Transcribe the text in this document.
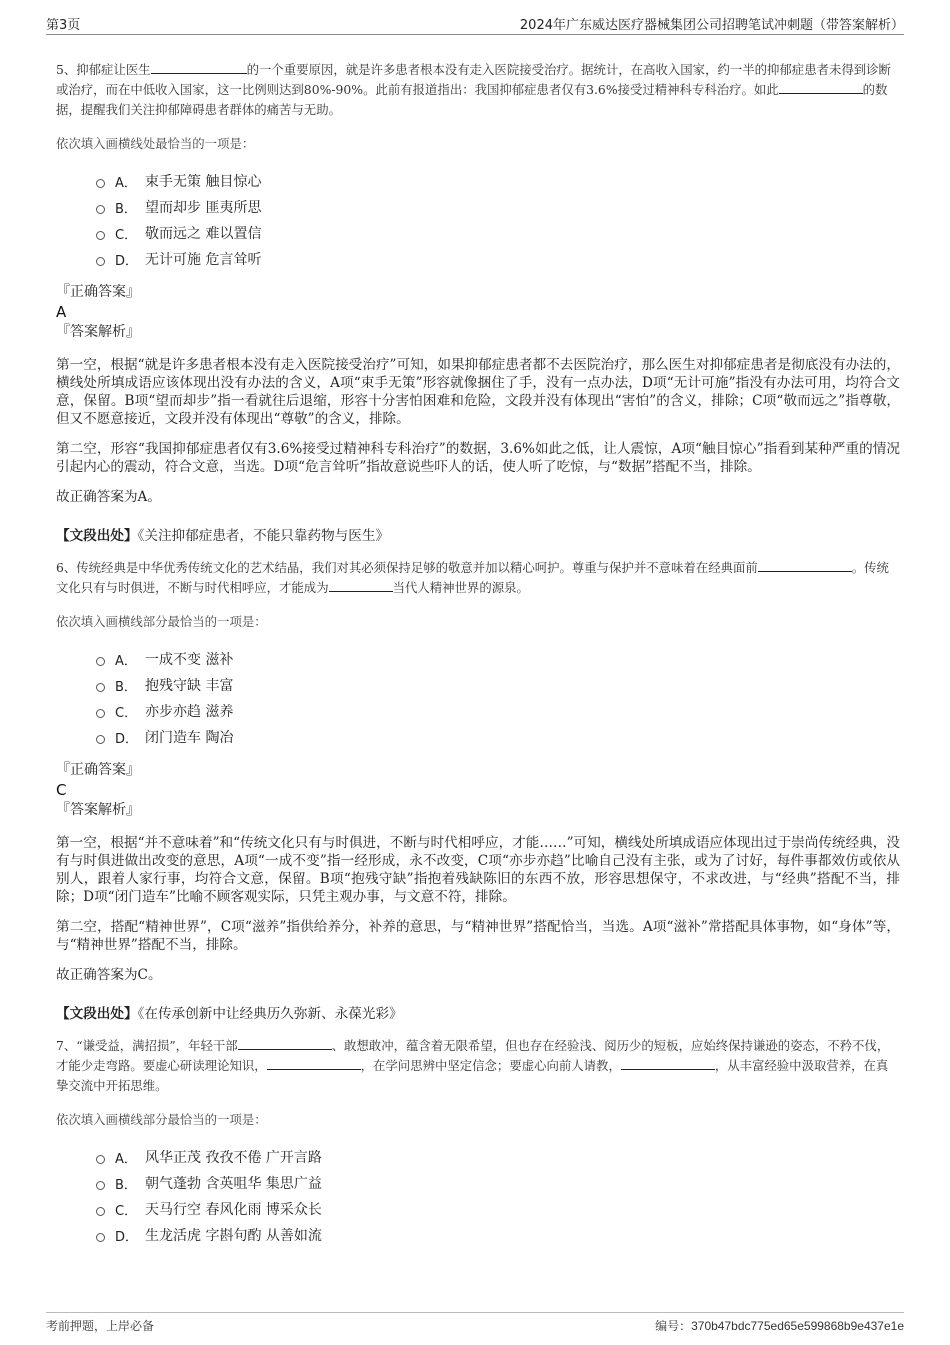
第3页	2024年广东威达医疗器械集团公司招聘笔试冲刺题（带答案解析）

5、抑郁症让医生	的一个重要原因，就是许多患者根本没有走入医院接受治疗。据统计，在高收入国家，约一半的抑郁症患者未得到诊断或治疗，而在中低收入国家，这一比例则达到80%-90%。此前有报道指出：我国抑郁症患者仅有3.6%接受过精神科专科治疗。如此	的数据，提醒我们关注抑郁障碍患者群体的痛苦与无助。

依次填入画横线处最恰当的一项是：

A． 束手无策 触目惊心
B． 望而却步 匪夷所思
C． 敬而远之 难以置信
D． 无计可施 危言耸听

『正确答案』

A

『答案解析』

第一空，根据“就是许多患者根本没有走入医院接受治疗”可知，如果抑郁症患者都不去医院治疗，那么医生对抑郁症患者是彻底没有办法的，横线处所填成语应该体现出没有办法的含义，A项“束手无策”形容就像捆住了手，没有一点办法，D项“无计可施”指没有办法可用，均符合文意，保留。B项“望而却步”指一看就往后退缩，形容十分害怕困难和危险，文段并没有体现出“害怕”的含义，排除；C项“敬而远之”指尊敬，但又不愿意接近，文段并没有体现出“尊敬”的含义，排除。

第二空，形容“我国抑郁症患者仅有3.6%接受过精神科专科治疗”的数据，3.6%如此之低，让人震惊，A项“触目惊心”指看到某种严重的情况引起内心的震动，符合文意，当选。D项“危言耸听”指故意说些吓人的话，使人听了吃惊，与“数据”搭配不当，排除。

故正确答案为A。

【文段出处】《关注抑郁症患者，不能只靠药物与医生》

6、传统经典是中华优秀传统文化的艺术结晶，我们对其必须保持足够的敬意并加以精心呵护。尊重与保护并不意味着在经典面前	。传统文化只有与时俱进，不断与时代相呼应，才能成为	当代人精神世界的源泉。

依次填入画横线部分最恰当的一项是：

A． 一成不变 滋补
B． 抱残守缺 丰富
C． 亦步亦趋 滋养
D． 闭门造车 陶冶

『正确答案』

C

『答案解析』

第一空，根据“并不意味着”和“传统文化只有与时俱进，不断与时代相呼应，才能……”可知，横线处所填成语应体现出过于崇尚传统经典，没有与时俱进做出改变的意思，A项“一成不变”指一经形成，永不改变，C项“亦步亦趋”比喻自己没有主张，或为了讨好，每件事都效仿或依从别人，跟着人家行事，均符合文意，保留。B项“抱残守缺”指抱着残缺陈旧的东西不放，形容思想保守，不求改进，与“经典”搭配不当，排除；D项“闭门造车”比喻不顾客观实际，只凭主观办事，与文意不符，排除。

第二空，搭配“精神世界”，C项“滋养”指供给养分，补养的意思，与“精神世界”搭配恰当，当选。A项“滋补”常搭配具体事物，如“身体”等，与“精神世界”搭配不当，排除。

故正确答案为C。

【文段出处】《在传承创新中让经典历久弥新、永葆光彩》

7、“谦受益，满招损”，年轻干部	、敢想敢冲，蕴含着无限希望，但也存在经验浅、阅历少的短板，应始终保持谦逊的姿态，不矜不伐，才能少走弯路。要虚心研读理论知识，	，在学问思辨中坚定信念；要虚心向前人请教，	，从丰富经验中汲取营养，在真挚交流中开拓思维。

依次填入画横线部分最恰当的一项是：

A． 风华正茂 孜孜不倦 广开言路
B． 朝气蓬勃 含英咀华 集思广益
C． 天马行空 春风化雨 博采众长
D． 生龙活虎 字斟句酌 从善如流
考前押题，上岸必备	编号：370b47bdc775ed65e599868b9e437e1e
